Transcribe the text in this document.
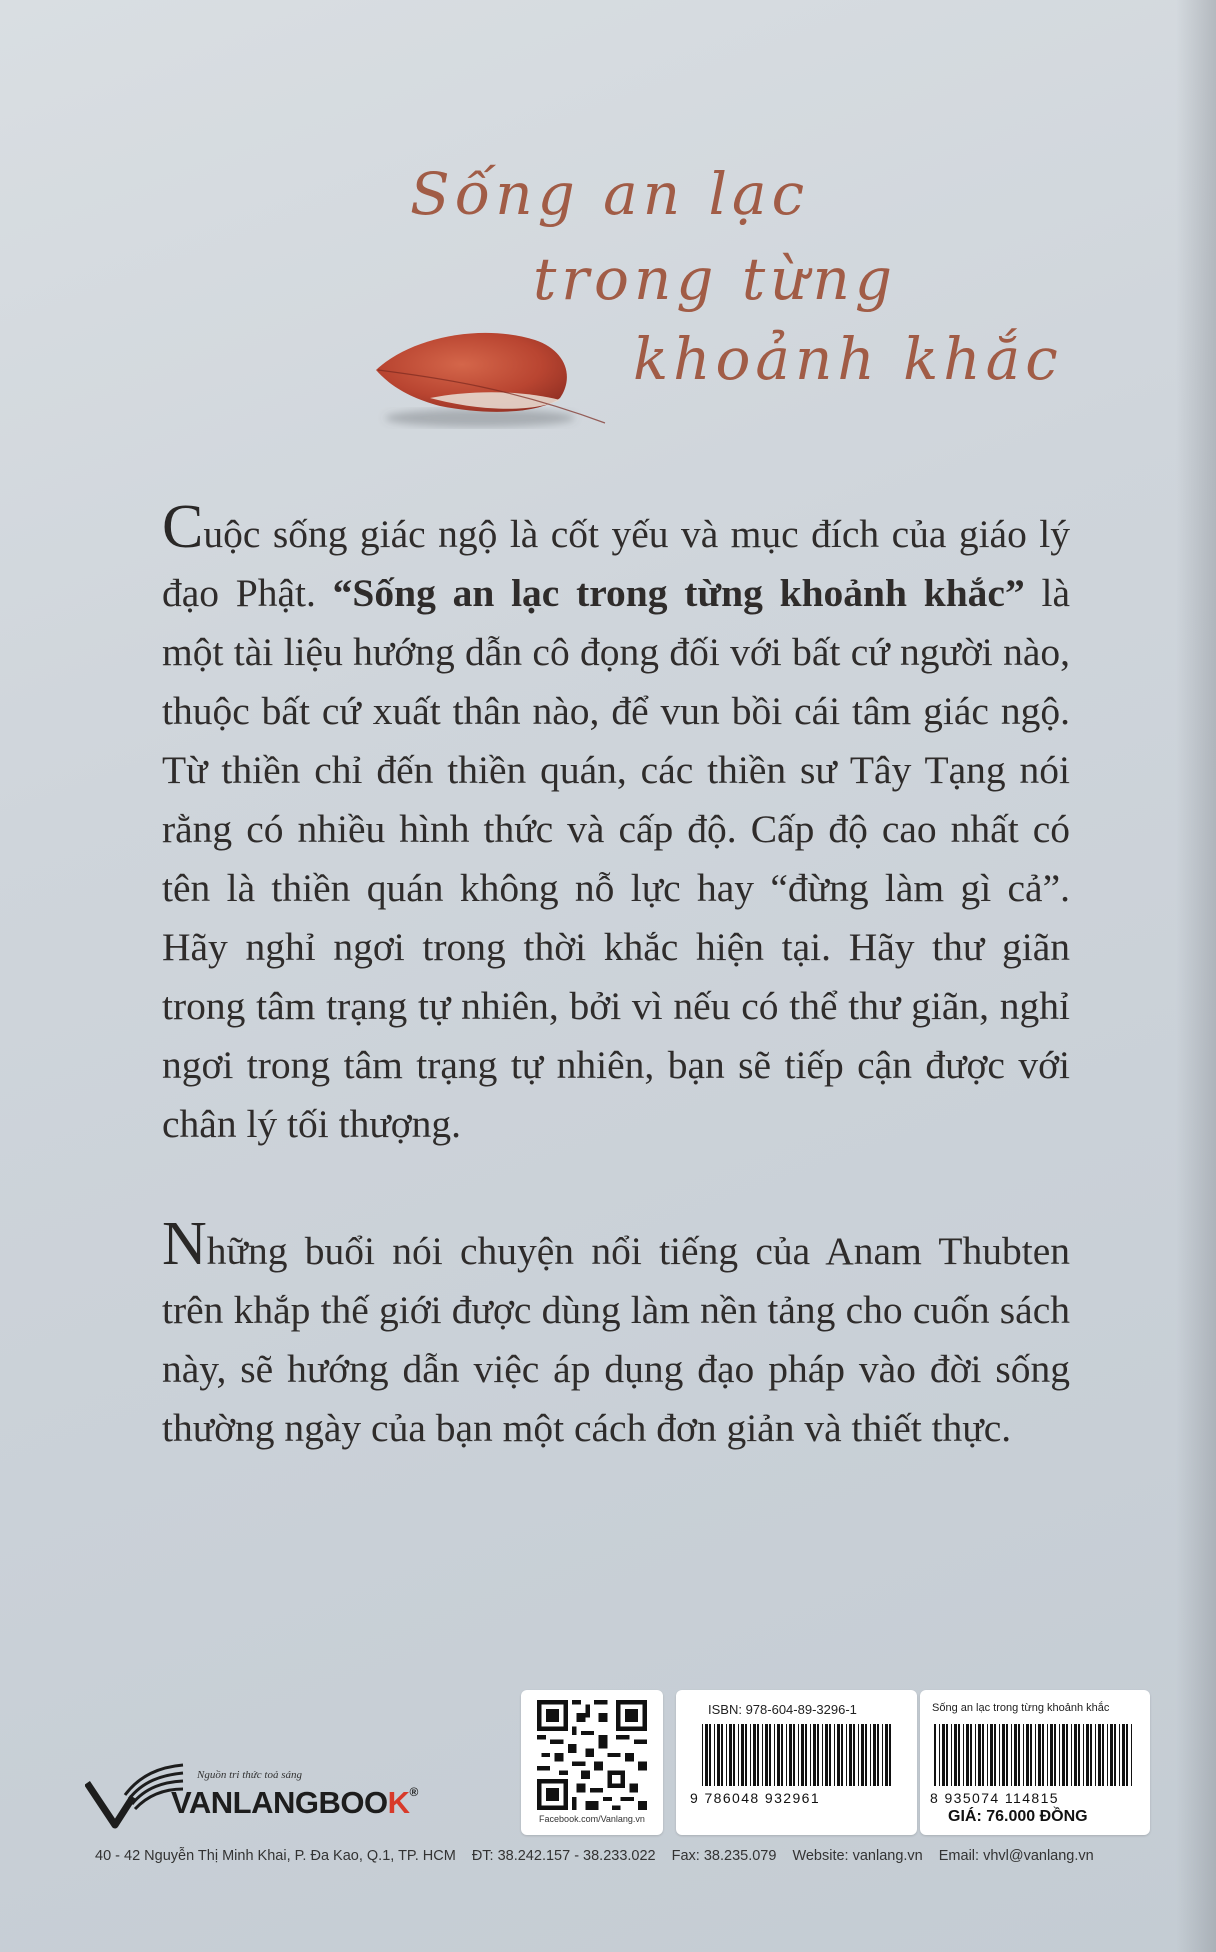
Sống an lạc
trong từng
khoảnh khắc
Cuộc sống giác ngộ là cốt yếu và mục đích của giáo lý đạo Phật. “Sống an lạc trong từng khoảnh khắc” là một tài liệu hướng dẫn cô đọng đối với bất cứ người nào, thuộc bất cứ xuất thân nào, để vun bồi cái tâm giác ngộ. Từ thiền chỉ đến thiền quán, các thiền sư Tây Tạng nói rằng có nhiều hình thức và cấp độ. Cấp độ cao nhất có tên là thiền quán không nỗ lực hay “đừng làm gì cả”. Hãy nghỉ ngơi trong thời khắc hiện tại. Hãy thư giãn trong tâm trạng tự nhiên, bởi vì nếu có thể thư giãn, nghỉ ngơi trong tâm trạng tự nhiên, bạn sẽ tiếp cận được với chân lý tối thượng.
Những buổi nói chuyện nổi tiếng của Anam Thubten trên khắp thế giới được dùng làm nền tảng cho cuốn sách này, sẽ hướng dẫn việc áp dụng đạo pháp vào đời sống thường ngày của bạn một cách đơn giản và thiết thực.
Nguồn tri thức toả sáng
VANLANGBOOK®
Facebook.com/Vanlang.vn
ISBN: 978-604-89-3296-1
9 786048 932961
Sống an lạc trong từng khoảnh khắc
8 935074 114815
GIÁ: 76.000 ĐỒNG
40 - 42 Nguyễn Thị Minh Khai, P. Đa Kao, Q.1, TP. HCM ĐT: 38.242.157 - 38.233.022 Fax: 38.235.079 Website: vanlang.vn Email: vhvl@vanlang.vn
